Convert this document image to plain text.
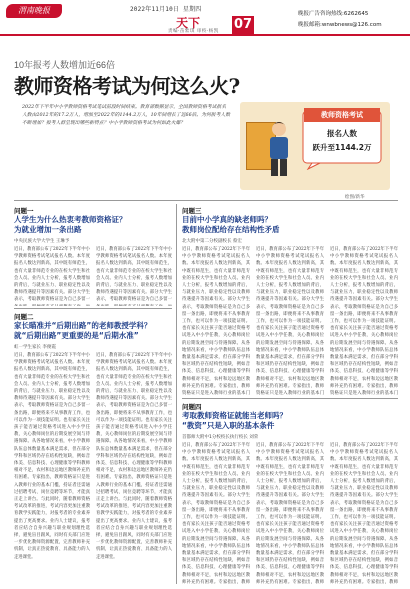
渭南晚报	2022年11月10日 星期四
天下
责编·苗紫琪 审校·杨凯 07
晚报广告咨询热线:6262645
晚报邮箱:wnwbnews@126.com
10年报考人数增加近66倍
教师资格考试为何这么火?
2022年下半年中小学教师资格考试笔试前段时间结束。教育部数据显示，全国教师资格考试报名人数由2012年的17.2万人，增加至2022年的1144.2万人，10年间增长了近66倍。为何报考人数不断增加？报考人群呈现出哪些新特点？中小学教师资格考试为何如此火爆？
教师资格考试
报名人数
跃升至1144.2万
绘图/新华
问题一
人学生为什么热衷考教师资格证？
为就业增加一条出路
中央民族大学大学生 王琳予
近日，教育部公布了2022年下半年中小学教师资格考试笔试报名人数。本年度报名人数达到新高，其中既有师范生，也有大量非师范专业的在校大学生和社会人员。业内人士分析，报考人数增加的背后，与就业压力、职业稳定性以及教师待遇提升等因素有关。部分大学生表示，考取教师资格证是为自己多留一
近日，教育部公布了2022年下半年中小学教师资格考试笔试报名人数。本年度报名人数达到新高，其中既有师范生，也有大量非师范专业的在校大学生和社会人员。业内人士分析，报考人数增加的背后，与就业压力、职业稳定性以及教师待遇提升等因素有关。部分大学生表示，考取教师资格证是为自己多留一
问题二
家长瞄准并“后期出路”的老师教授学科？
就“后期出路”更重要的是“后期水准”
虹一学生家长 李俊霞
近日，教育部公布了2022年下半年中小学教师资格考试笔试报名人数。本年度报名人数达到新高，其中既有师范生，也有大量非师范专业的在校大学生和社会人员。业内人士分析，报考人数增加的背后，与就业压力、职业稳定性以及教师待遇提升等因素有关。部分大学生表示，考取教师资格证是为自己多留一条出路，即便将来不从事教育工作，也可以作为一项技能证明。也有家长关注孩子能否通过资格考试进入中小学任教，关心教师岗位的后期发展空间与待遇保障。从各地情况来看，中小学教师队伍总体数量基本满足需求，但在部分学科和区域仍存在结构性短缺，例如音体美、信息科技、心理健康等学科教师相对不足，农村和边远地区教师补充仍有困难。专家指出，教师资格证只是进入教师行业的基本门槛，持证者还需通过招聘考试、岗位竞聘等环节，才能真正走上讲台。与此同时，随着教师资格考试改革的推进，考试内容更加注重教育教学实践能力，对报考者的专业素养提出了更高要求。业内人士建议，报考者应结合自身兴趣与职业规划理性选择，避免盲目跟风，同时有关部门应进一步优化教师资源配置，完善教师补充机制，让真正热爱教育、具备能力的人走进课堂。
近日，教育部公布了2022年下半年中小学教师资格考试笔试报名人数。本年度报名人数达到新高，其中既有师范生，也有大量非师范专业的在校大学生和社会人员。业内人士分析，报考人数增加的背后，与就业压力、职业稳定性以及教师待遇提升等因素有关。部分大学生表示，考取教师资格证是为自己多留一条出路，即便将来不从事教育工作，也可以作为一项技能证明。也有家长关注孩子能否通过资格考试进入中小学任教，关心教师岗位的后期发展空间与待遇保障。从各地情况来看，中小学教师队伍总体数量基本满足需求，但在部分学科和区域仍存在结构性短缺，例如音体美、信息科技、心理健康等学科教师相对不足，农村和边远地区教师补充仍有困难。专家指出，教师资格证只是进入教师行业的基本门槛，持证者还需通过招聘考试、岗位竞聘等环节，才能真正走上讲台。与此同时，随着教师资格考试改革的推进，考试内容更加注重教育教学实践能力，对报考者的专业素养提出了更高要求。业内人士建议，报考者应结合自身兴趣与职业规划理性选择，避免盲目跟风，同时有关部门应进一步优化教师资源配置，完善教师补充机制，让真正热爱教育、具备能力的人走进课堂。
问题三
目前中小学真的缺老师吗？
教师岗位配给存在结构性矛盾
北大附中第二分校副校长 蔡宏
近日，教育部公布了2022年下半年中小学教师资格考试笔试报名人数。本年度报名人数达到新高，其中既有师范生，也有大量非师范专业的在校大学生和社会人员。业内人士分析，报考人数增加的背后，与就业压力、职业稳定性以及教师待遇提升等因素有关。部分大学生表示，考取教师资格证是为自己多留一条出路，即便将来不从事教育工作，也可以作为一项技能证明。也有家长关注孩子能否通过资格考试进入中小学任教，关心教师岗位的后期发展空间与待遇保障。从各地情况来看，中小学教师队伍总体数量基本满足需求，但在部分学科和区域仍存在结构性短缺，例如音体美、信息科技、心理健康等学科教师相对不足，农村和边远地区教师补充仍有困难。专家指出，教师资格证只是进入教师行业的基本门
近日，教育部公布了2022年下半年中小学教师资格考试笔试报名人数。本年度报名人数达到新高，其中既有师范生，也有大量非师范专业的在校大学生和社会人员。业内人士分析，报考人数增加的背后，与就业压力、职业稳定性以及教师待遇提升等因素有关。部分大学生表示，考取教师资格证是为自己多留一条出路，即便将来不从事教育工作，也可以作为一项技能证明。也有家长关注孩子能否通过资格考试进入中小学任教，关心教师岗位的后期发展空间与待遇保障。从各地情况来看，中小学教师队伍总体数量基本满足需求，但在部分学科和区域仍存在结构性短缺，例如音体美、信息科技、心理健康等学科教师相对不足，农村和边远地区教师补充仍有困难。专家指出，教师资格证只是进入教师行业的基本门
近日，教育部公布了2022年下半年中小学教师资格考试笔试报名人数。本年度报名人数达到新高，其中既有师范生，也有大量非师范专业的在校大学生和社会人员。业内人士分析，报考人数增加的背后，与就业压力、职业稳定性以及教师待遇提升等因素有关。部分大学生表示，考取教师资格证是为自己多留一条出路，即便将来不从事教育工作，也可以作为一项技能证明。也有家长关注孩子能否通过资格考试进入中小学任教，关心教师岗位的后期发展空间与待遇保障。从各地情况来看，中小学教师队伍总体数量基本满足需求，但在部分学科和区域仍存在结构性短缺，例如音体美、信息科技、心理健康等学科教师相对不足，农村和边远地区教师补充仍有困难。专家指出，教师资格证只是进入教师行业的基本门
问题四
考取教师资格证就能当老师吗？
“教资”只是入职的基本条件
首都师大附中1分校校长执行校长 刘荣
近日，教育部公布了2022年下半年中小学教师资格考试笔试报名人数。本年度报名人数达到新高，其中既有师范生，也有大量非师范专业的在校大学生和社会人员。业内人士分析，报考人数增加的背后，与就业压力、职业稳定性以及教师待遇提升等因素有关。部分大学生表示，考取教师资格证是为自己多留一条出路，即便将来不从事教育工作，也可以作为一项技能证明。也有家长关注孩子能否通过资格考试进入中小学任教，关心教师岗位的后期发展空间与待遇保障。从各地情况来看，中小学教师队伍总体数量基本满足需求，但在部分学科和区域仍存在结构性短缺，例如音体美、信息科技、心理健康等学科教师相对不足，农村和边远地区教师补充仍有困难。专家指出，教师
近日，教育部公布了2022年下半年中小学教师资格考试笔试报名人数。本年度报名人数达到新高，其中既有师范生，也有大量非师范专业的在校大学生和社会人员。业内人士分析，报考人数增加的背后，与就业压力、职业稳定性以及教师待遇提升等因素有关。部分大学生表示，考取教师资格证是为自己多留一条出路，即便将来不从事教育工作，也可以作为一项技能证明。也有家长关注孩子能否通过资格考试进入中小学任教，关心教师岗位的后期发展空间与待遇保障。从各地情况来看，中小学教师队伍总体数量基本满足需求，但在部分学科和区域仍存在结构性短缺，例如音体美、信息科技、心理健康等学科教师相对不足，农村和边远地区教师补充仍有困难。专家指出，教师
近日，教育部公布了2022年下半年中小学教师资格考试笔试报名人数。本年度报名人数达到新高，其中既有师范生，也有大量非师范专业的在校大学生和社会人员。业内人士分析，报考人数增加的背后，与就业压力、职业稳定性以及教师待遇提升等因素有关。部分大学生表示，考取教师资格证是为自己多留一条出路，即便将来不从事教育工作，也可以作为一项技能证明。也有家长关注孩子能否通过资格考试进入中小学任教，关心教师岗位的后期发展空间与待遇保障。从各地情况来看，中小学教师队伍总体数量基本满足需求，但在部分学科和区域仍存在结构性短缺，例如音体美、信息科技、心理健康等学科教师相对不足，农村和边远地区教师补充仍有困难。专家指出，教师
